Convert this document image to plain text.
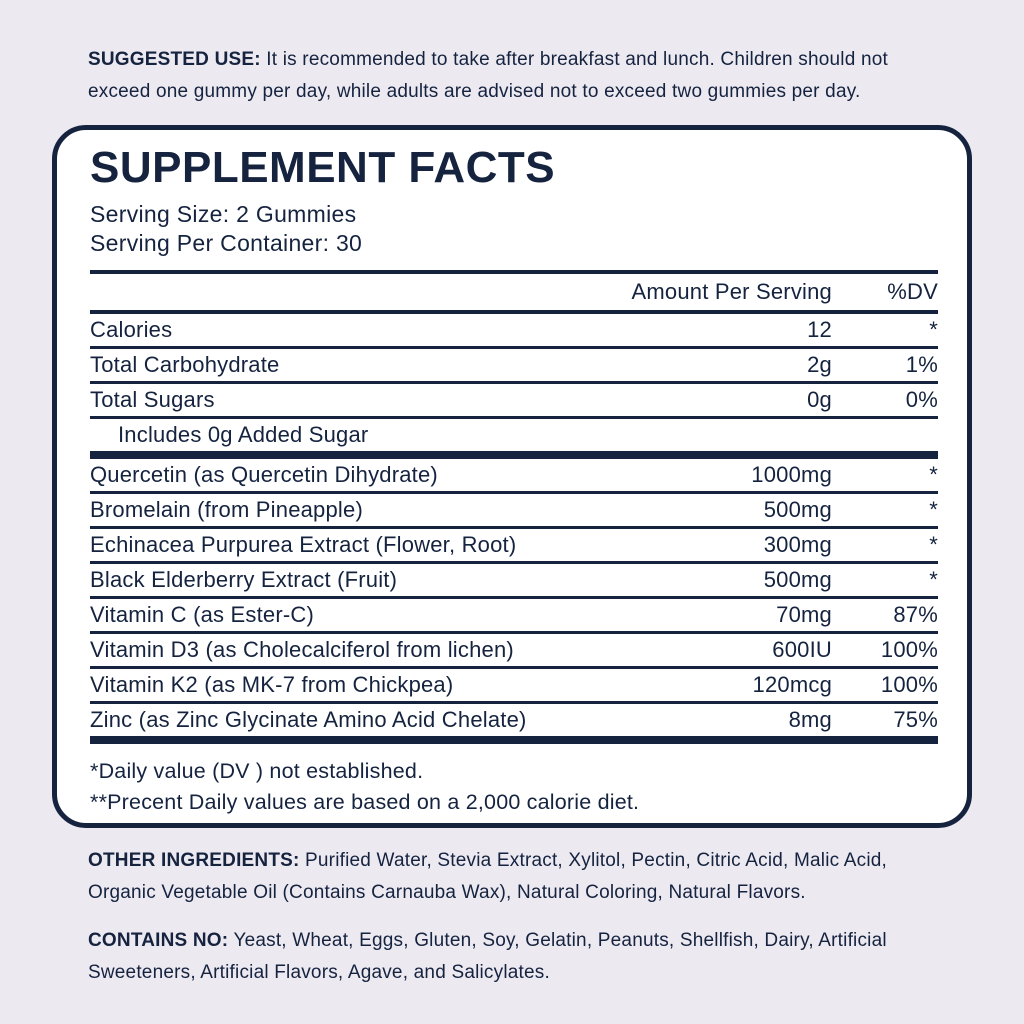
SUGGESTED USE: It is recommended to take after breakfast and lunch. Children should not exceed one gummy per day, while adults are advised not to exceed two gummies per day.

SUPPLEMENT FACTS
Serving Size: 2 Gummies
Serving Per Container: 30
Amount Per Serving	%DV
Calories	12	*
Total Carbohydrate	2g	1%
Total Sugars	0g	0%
Includes 0g Added Sugar
Quercetin (as Quercetin Dihydrate)	1000mg	*
Bromelain (from Pineapple)	500mg	*
Echinacea Purpurea Extract (Flower, Root)	300mg	*
Black Elderberry Extract (Fruit)	500mg	*
Vitamin C (as Ester-C)	70mg	87%
Vitamin D3 (as Cholecalciferol from lichen)	600IU	100%
Vitamin K2 (as MK-7 from Chickpea)	120mcg	100%
Zinc (as Zinc Glycinate Amino Acid Chelate)	8mg	75%
*Daily value (DV ) not established.
**Precent Daily values are based on a 2,000 calorie diet.

OTHER INGREDIENTS: Purified Water, Stevia Extract, Xylitol, Pectin, Citric Acid, Malic Acid, Organic Vegetable Oil (Contains Carnauba Wax), Natural Coloring, Natural Flavors.

CONTAINS NO: Yeast, Wheat, Eggs, Gluten, Soy, Gelatin, Peanuts, Shellfish, Dairy, Artificial Sweeteners, Artificial Flavors, Agave, and Salicylates.
